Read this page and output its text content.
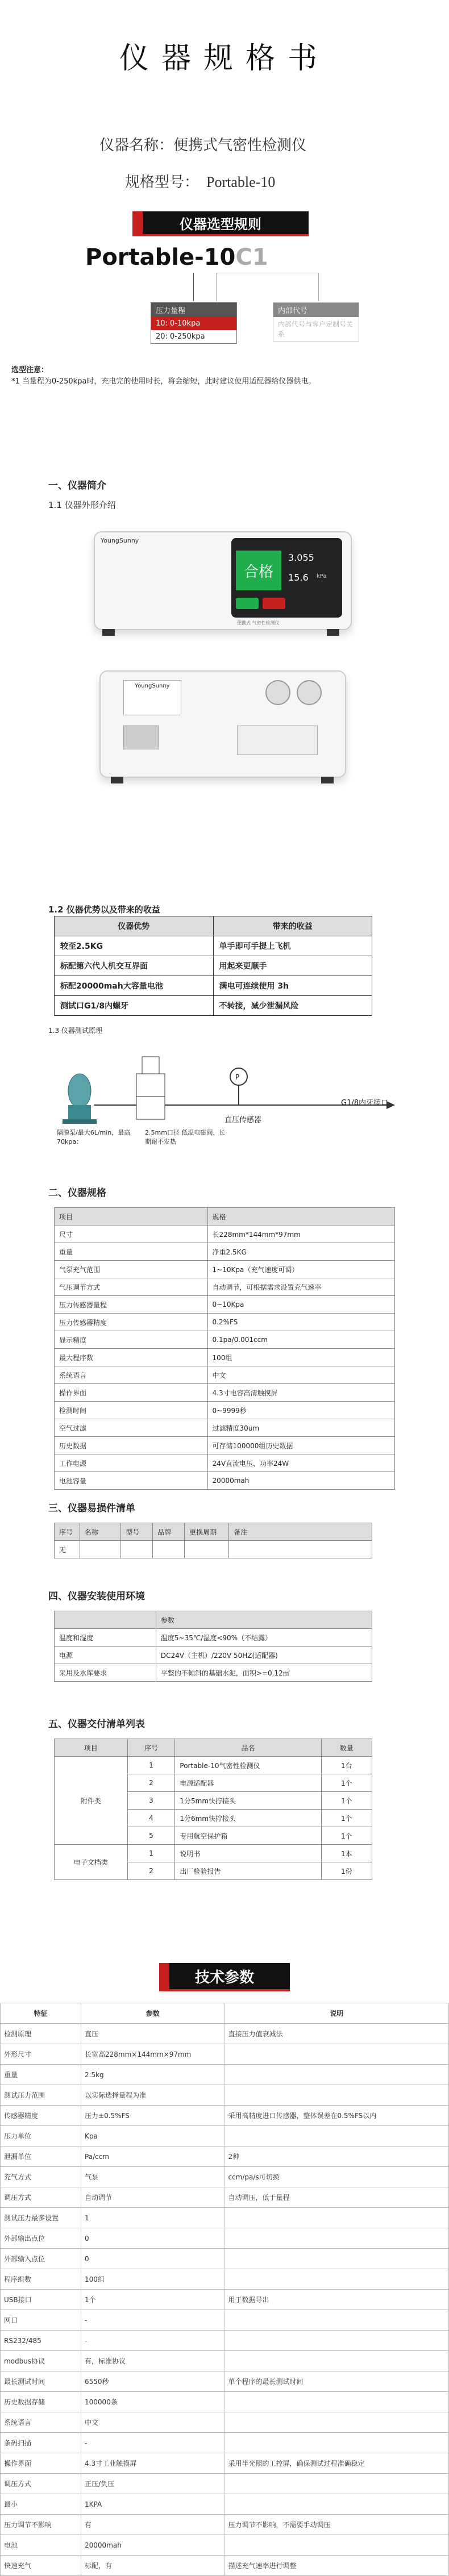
仪器规格书
仪器名称：便携式气密性检测仪
规格型号： Portable-10
仪器选型规则
Portable-10C1
压力量程
10: 0-10kpa
20: 0-250kpa
内部代号
内部代号与客户定制号关系
选型注意：
*1 当量程为0-250kpa时，充电完的使用时长，将会缩短，此时建议使用适配器给仪器供电。
一、仪器简介
1.1 仪器外形介绍
YoungSunny
合格
3.055
15.6 kPa
便携式 气密性检测仪
YoungSunny
1.2 仪器优势以及带来的收益
仪器优势	带来的收益
较至2.5KG	单手即可手提上飞机
标配第六代人机交互界面	用起来更顺手
标配20000mah大容量电池	满电可连续使用 3h
测试口G1/8内螺牙	不转接，减少泄漏风险
1.3 仪器测试原理
P
隔膜泵/最大6L/min，最高70kpa：
2.5mm口径 低温电磁阀，长期耐不发热
直压传感器
G1/8内牙接口
二、仪器规格
项目	规格
尺寸	长228mm*144mm*97mm
重量	净重2.5KG
气泵充气范围	1~10Kpa（充气速度可调）
气压调节方式	自动调节，可根据需求设置充气速率
压力传感器量程	0~10Kpa
压力传感器精度	0.2%FS
显示精度	0.1pa/0.001ccm
最大程序数	100组
系统语言	中文
操作界面	4.3寸电容高清触摸屏
检测时间	0~9999秒
空气过滤	过滤精度30um
历史数据	可存储100000组历史数据
工作电源	24V直流电压，功率24W
电池容量	20000mah
三、仪器易损件清单
序号	名称	型号	品牌	更换周期	备注
无					
四、仪器安装使用环境
	参数
温度和湿度	温度5~35℃/湿度<90%（不结露）
电源	DC24V（主机）/220V 50HZ(适配器)
采用及水库要求	平整的不倾斜的基础水泥，面积>=0.12㎡
五、仪器交付清单列表
项目	序号	品名	数量
附件类	1	Portable-10气密性检测仪	1台
	2	电源适配器	1个
	3	1分5mm快拧接头	1个
	4	1分6mm快拧接头	1个
	5	专用航空保护箱	1个
电子文档类	1	说明书	1本
	2	出厂检验报告	1份
技术参数
特征	参数	说明
检测原理	直压	直接压力值衰减法
外形尺寸	长宽高228mm×144mm×97mm	
重量	2.5kg	
测试压力范围	以实际选择量程为准	
传感器精度	压力±0.5%FS	采用高精度进口传感器，整体误差在0.5%FS以内
压力单位	Kpa	
泄漏单位	Pa/ccm	2种
充气方式	气泵	ccm/pa/s可切换
调压方式	自动调节	自动调压，低于量程
测试压力最多设置	1	
外部输出点位	0	
外部输入点位	0	
程序组数	100组	
USB接口	1个	用于数据导出
网口	-	
RS232/485	-	
modbus协议	有，标准协议	
最长测试时间	6550秒	单个程序的最长测试时间
历史数据存储	100000条	
系统语言	中文	
条码扫描	-	
操作界面	4.3寸工业触摸屏	采用半光照的工控屏，确保测试过程准确稳定
调压方式	正压/负压	
最小	1KPA	
压力调节不影响	有	压力调节不影响，不需要手动调压
电池	20000mah	
快速充气	标配，有	描述充气速率进行调整
